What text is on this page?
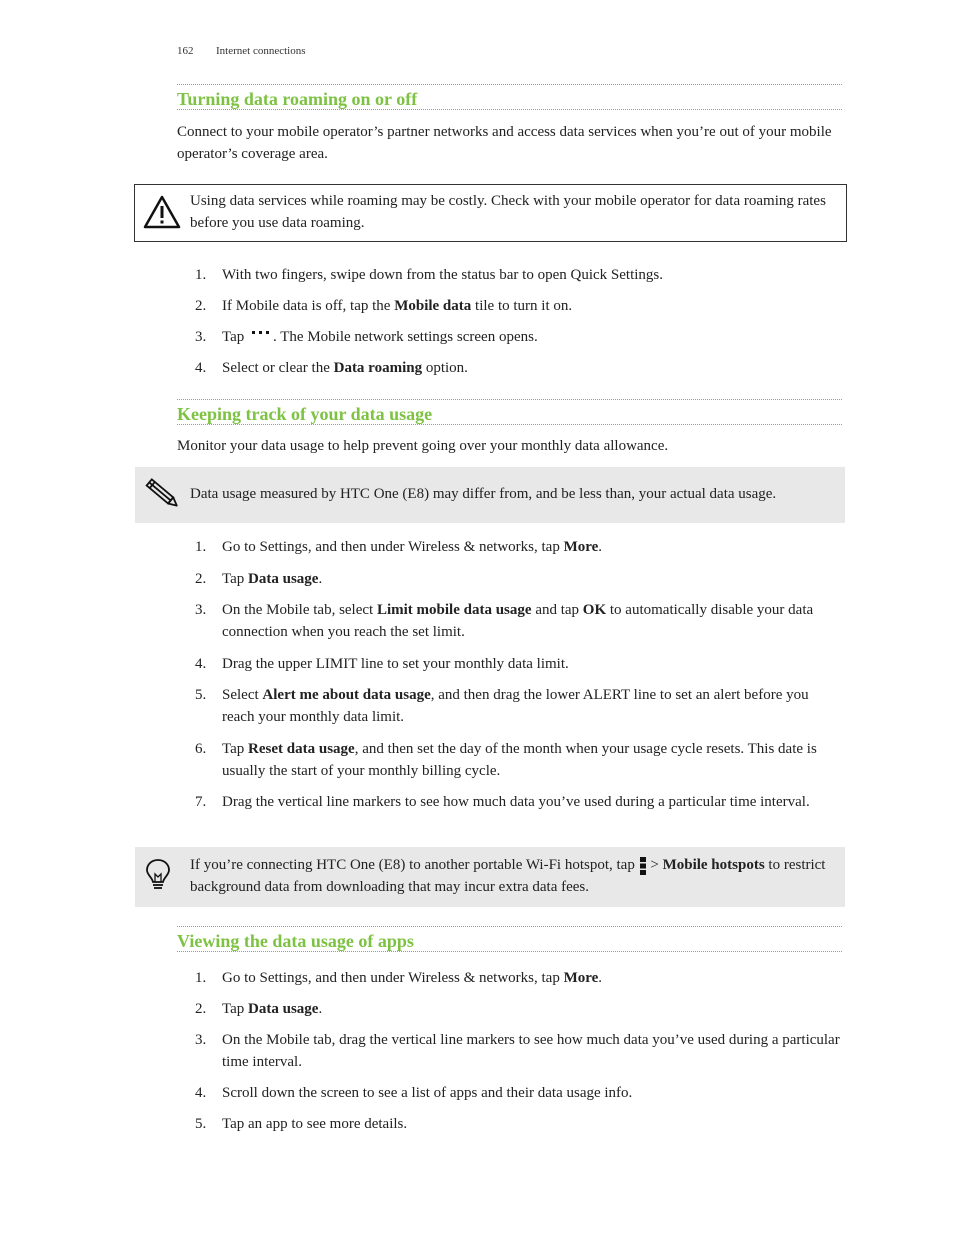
162 Internet connections
Turning data roaming on or off

Connect to your mobile operator’s partner networks and access data services when you’re out of your mobile operator’s coverage area.

Using data services while roaming may be costly. Check with your mobile operator for data roaming rates before you use data roaming.
1. With two fingers, swipe down from the status bar to open Quick Settings.
2. If Mobile data is off, tap the Mobile data tile to turn it on.
3. Tap . The Mobile network settings screen opens.
4. Select or clear the Data roaming option.
Keeping track of your data usage

Monitor your data usage to help prevent going over your monthly data allowance.

Data usage measured by HTC One (E8) may differ from, and be less than, your actual data usage.
1. Go to Settings, and then under Wireless & networks, tap More.
2. Tap Data usage.
3. On the Mobile tab, select Limit mobile data usage and tap OK to automatically disable your data connection when you reach the set limit.
4. Drag the upper LIMIT line to set your monthly data limit.
5. Select Alert me about data usage, and then drag the lower ALERT line to set an alert before you reach your monthly data limit.
6. Tap Reset data usage, and then set the day of the month when your usage cycle resets. This date is usually the start of your monthly billing cycle.
7. Drag the vertical line markers to see how much data you’ve used during a particular time interval.
If you’re connecting HTC One (E8) to another portable Wi-Fi hotspot, tap  > Mobile hotspots to restrict background data from downloading that may incur extra data fees.
Viewing the data usage of apps
1. Go to Settings, and then under Wireless & networks, tap More.
2. Tap Data usage.
3. On the Mobile tab, drag the vertical line markers to see how much data you’ve used during a particular time interval.
4. Scroll down the screen to see a list of apps and their data usage info.
5. Tap an app to see more details.
